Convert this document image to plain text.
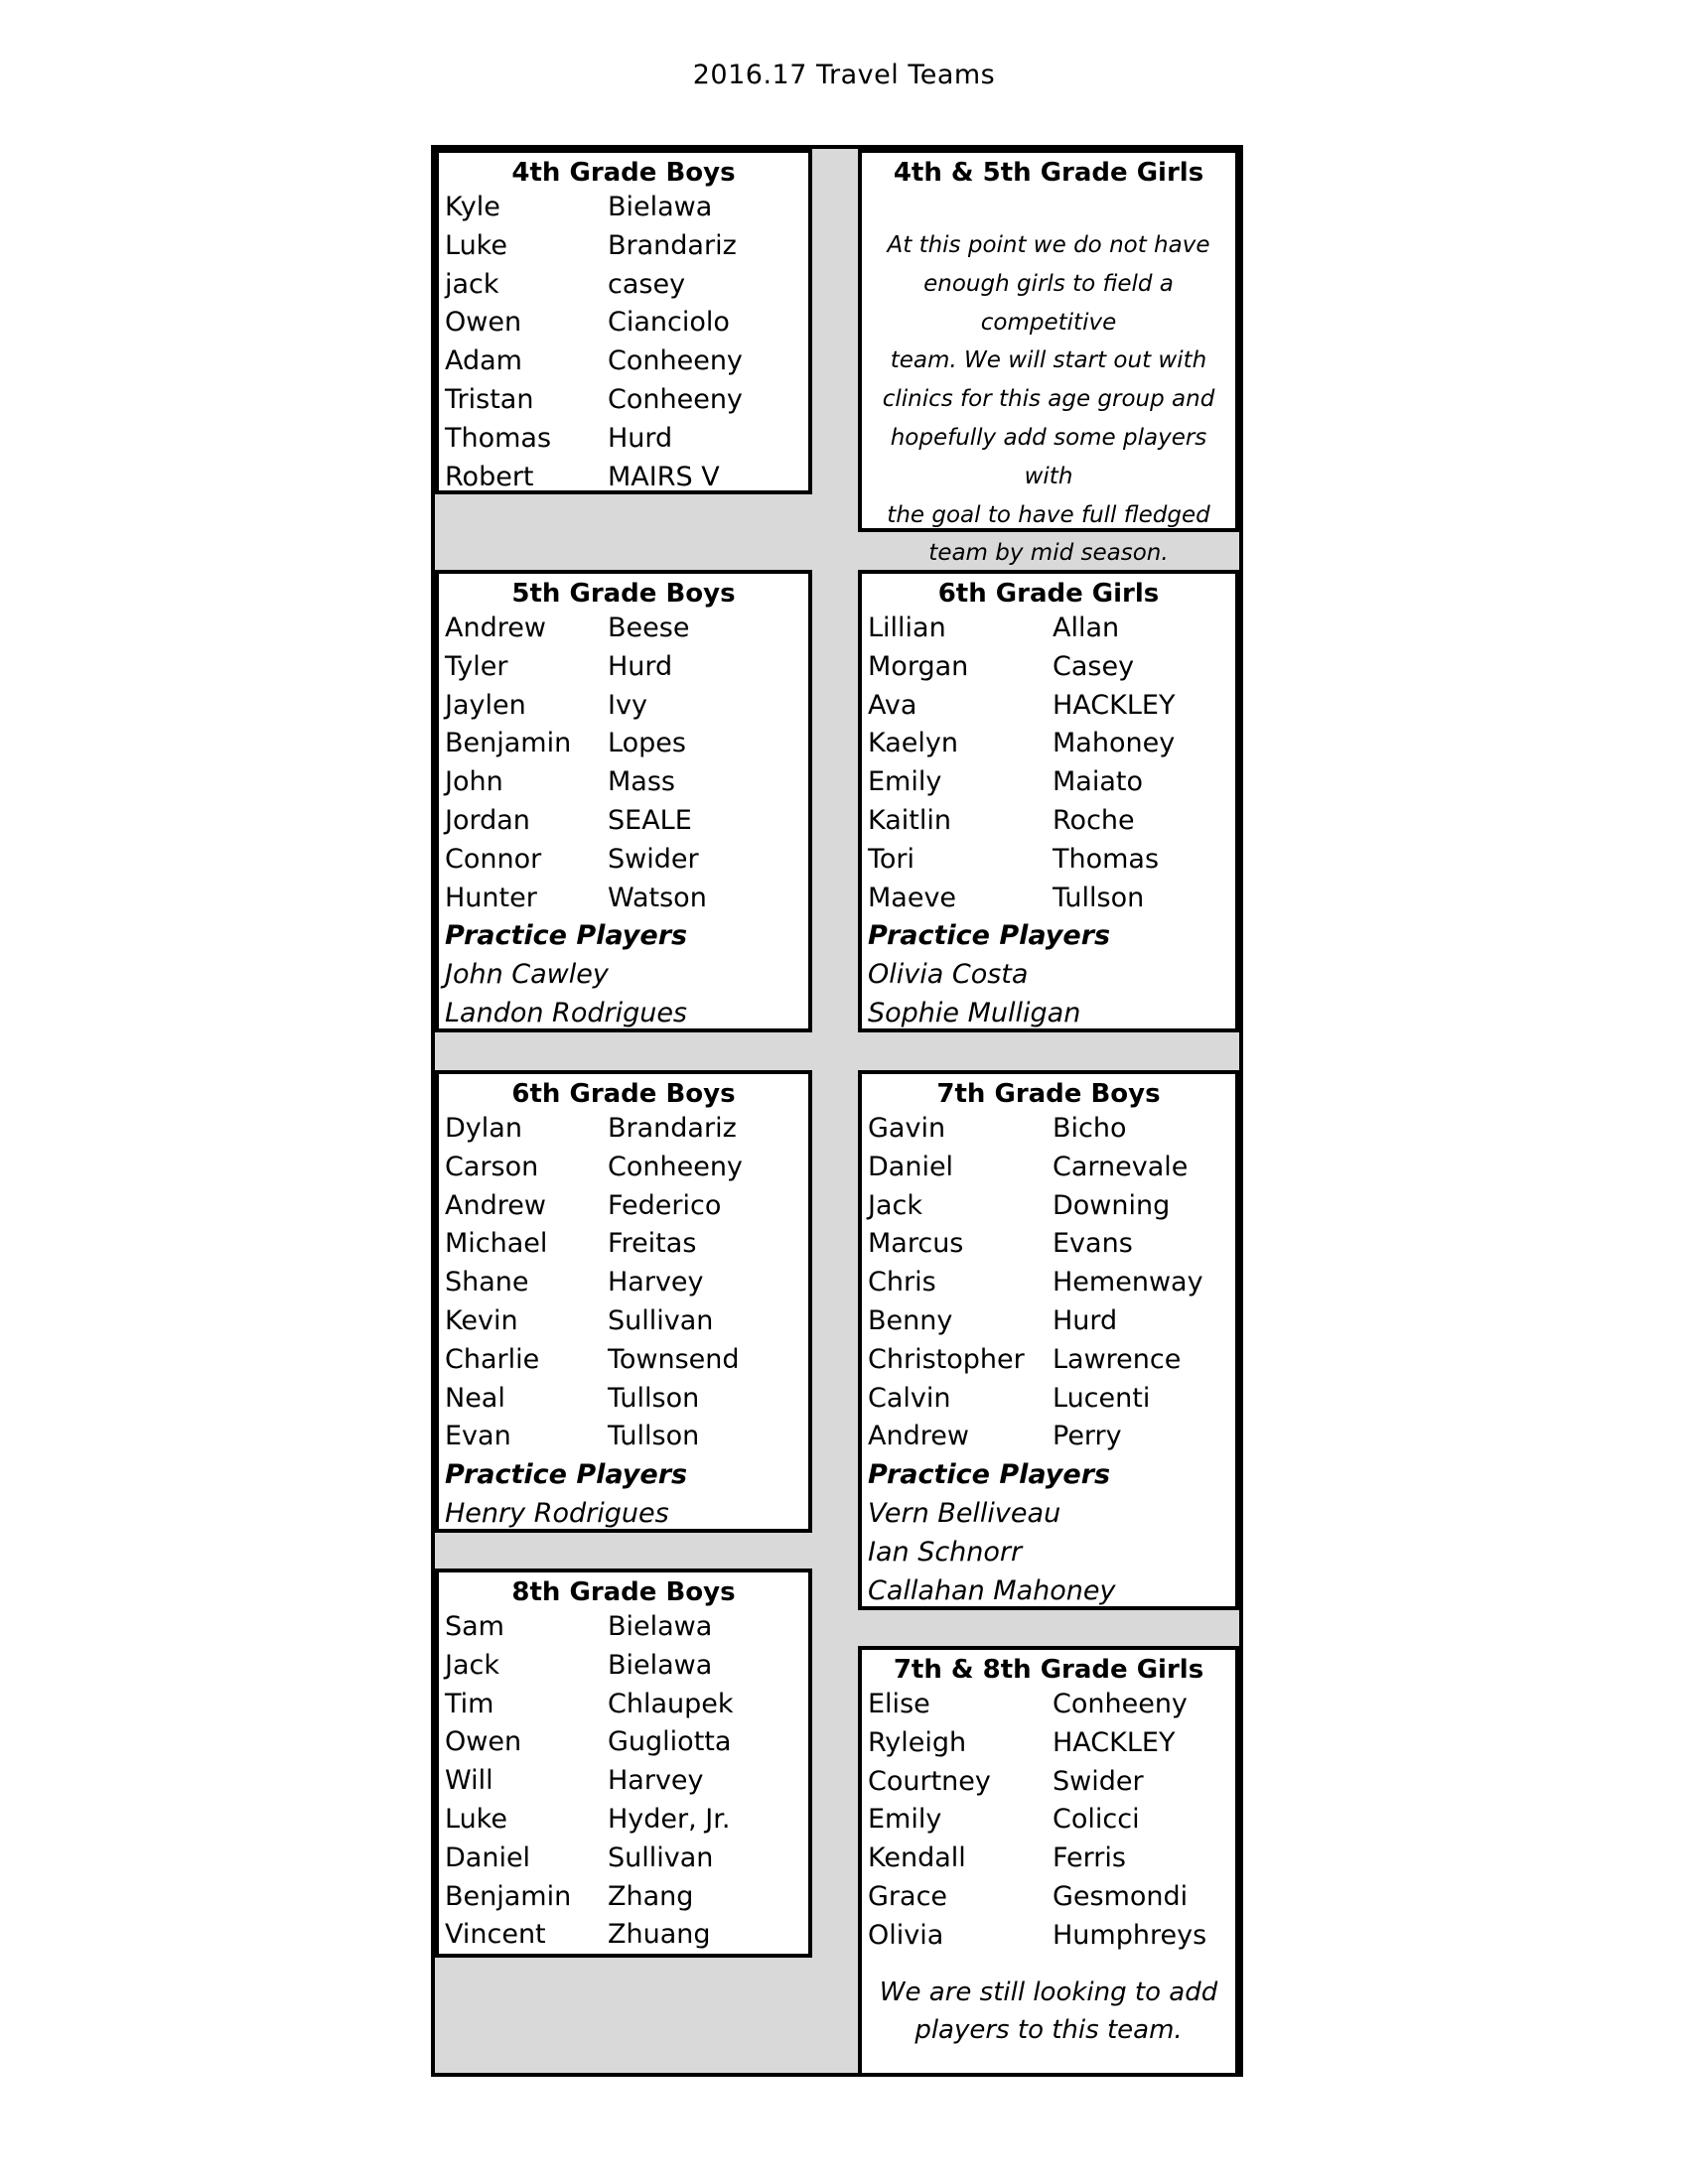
2016.17 Travel Teams
4th Grade Boys
Kyle	Bielawa
Luke	Brandariz
jack	casey
Owen	Cianciolo
Adam	Conheeny
Tristan	Conheeny
Thomas Hurd
Robert	MAIRS V
4th & 5th Grade Girls
At this point we do not have
enough girls to field a competitive
team. We will start out with
clinics for this age group and
hopefully add some players with
the goal to have full fledged
team by mid season.
5th Grade Boys
Andrew Beese
Tyler	Hurd
Jaylen	Ivy
Benjamin Lopes
John	Mass
Jordan	SEALE
Connor Swider
Hunter	Watson
Practice Players
John Cawley
Landon Rodrigues
6th Grade Girls
Lillian	Allan
Morgan	Casey
Ava	HACKLEY
Kaelyn	Mahoney
Emily	Maiato
Kaitlin	Roche
Tori	Thomas
Maeve	Tullson
Practice Players
Olivia Costa
Sophie Mulligan
6th Grade Boys
Dylan	Brandariz
Carson	Conheeny
Andrew Federico
Michael Freitas
Shane	Harvey
Kevin	Sullivan
Charlie	Townsend
Neal	Tullson
Evan	Tullson
Practice Players
Henry Rodrigues
7th Grade Boys
Gavin	Bicho
Daniel	Carnevale
Jack	Downing
Marcus	Evans
Chris	Hemenway
Benny	Hurd
Christopher Lawrence
Calvin	Lucenti
Andrew	Perry
Practice Players
Vern Belliveau
Ian Schnorr
Callahan Mahoney
8th Grade Boys
Sam	Bielawa
Jack	Bielawa
Tim	Chlaupek
Owen	Gugliotta
Will	Harvey
Luke	Hyder, Jr.
Daniel	Sullivan
Benjamin Zhang
Vincent Zhuang
7th & 8th Grade Girls
Elise	Conheeny
Ryleigh	HACKLEY
Courtney Swider
Emily	Colicci
Kendall	Ferris
Grace	Gesmondi
Olivia	Humphreys
We are still looking to add
players to this team.
